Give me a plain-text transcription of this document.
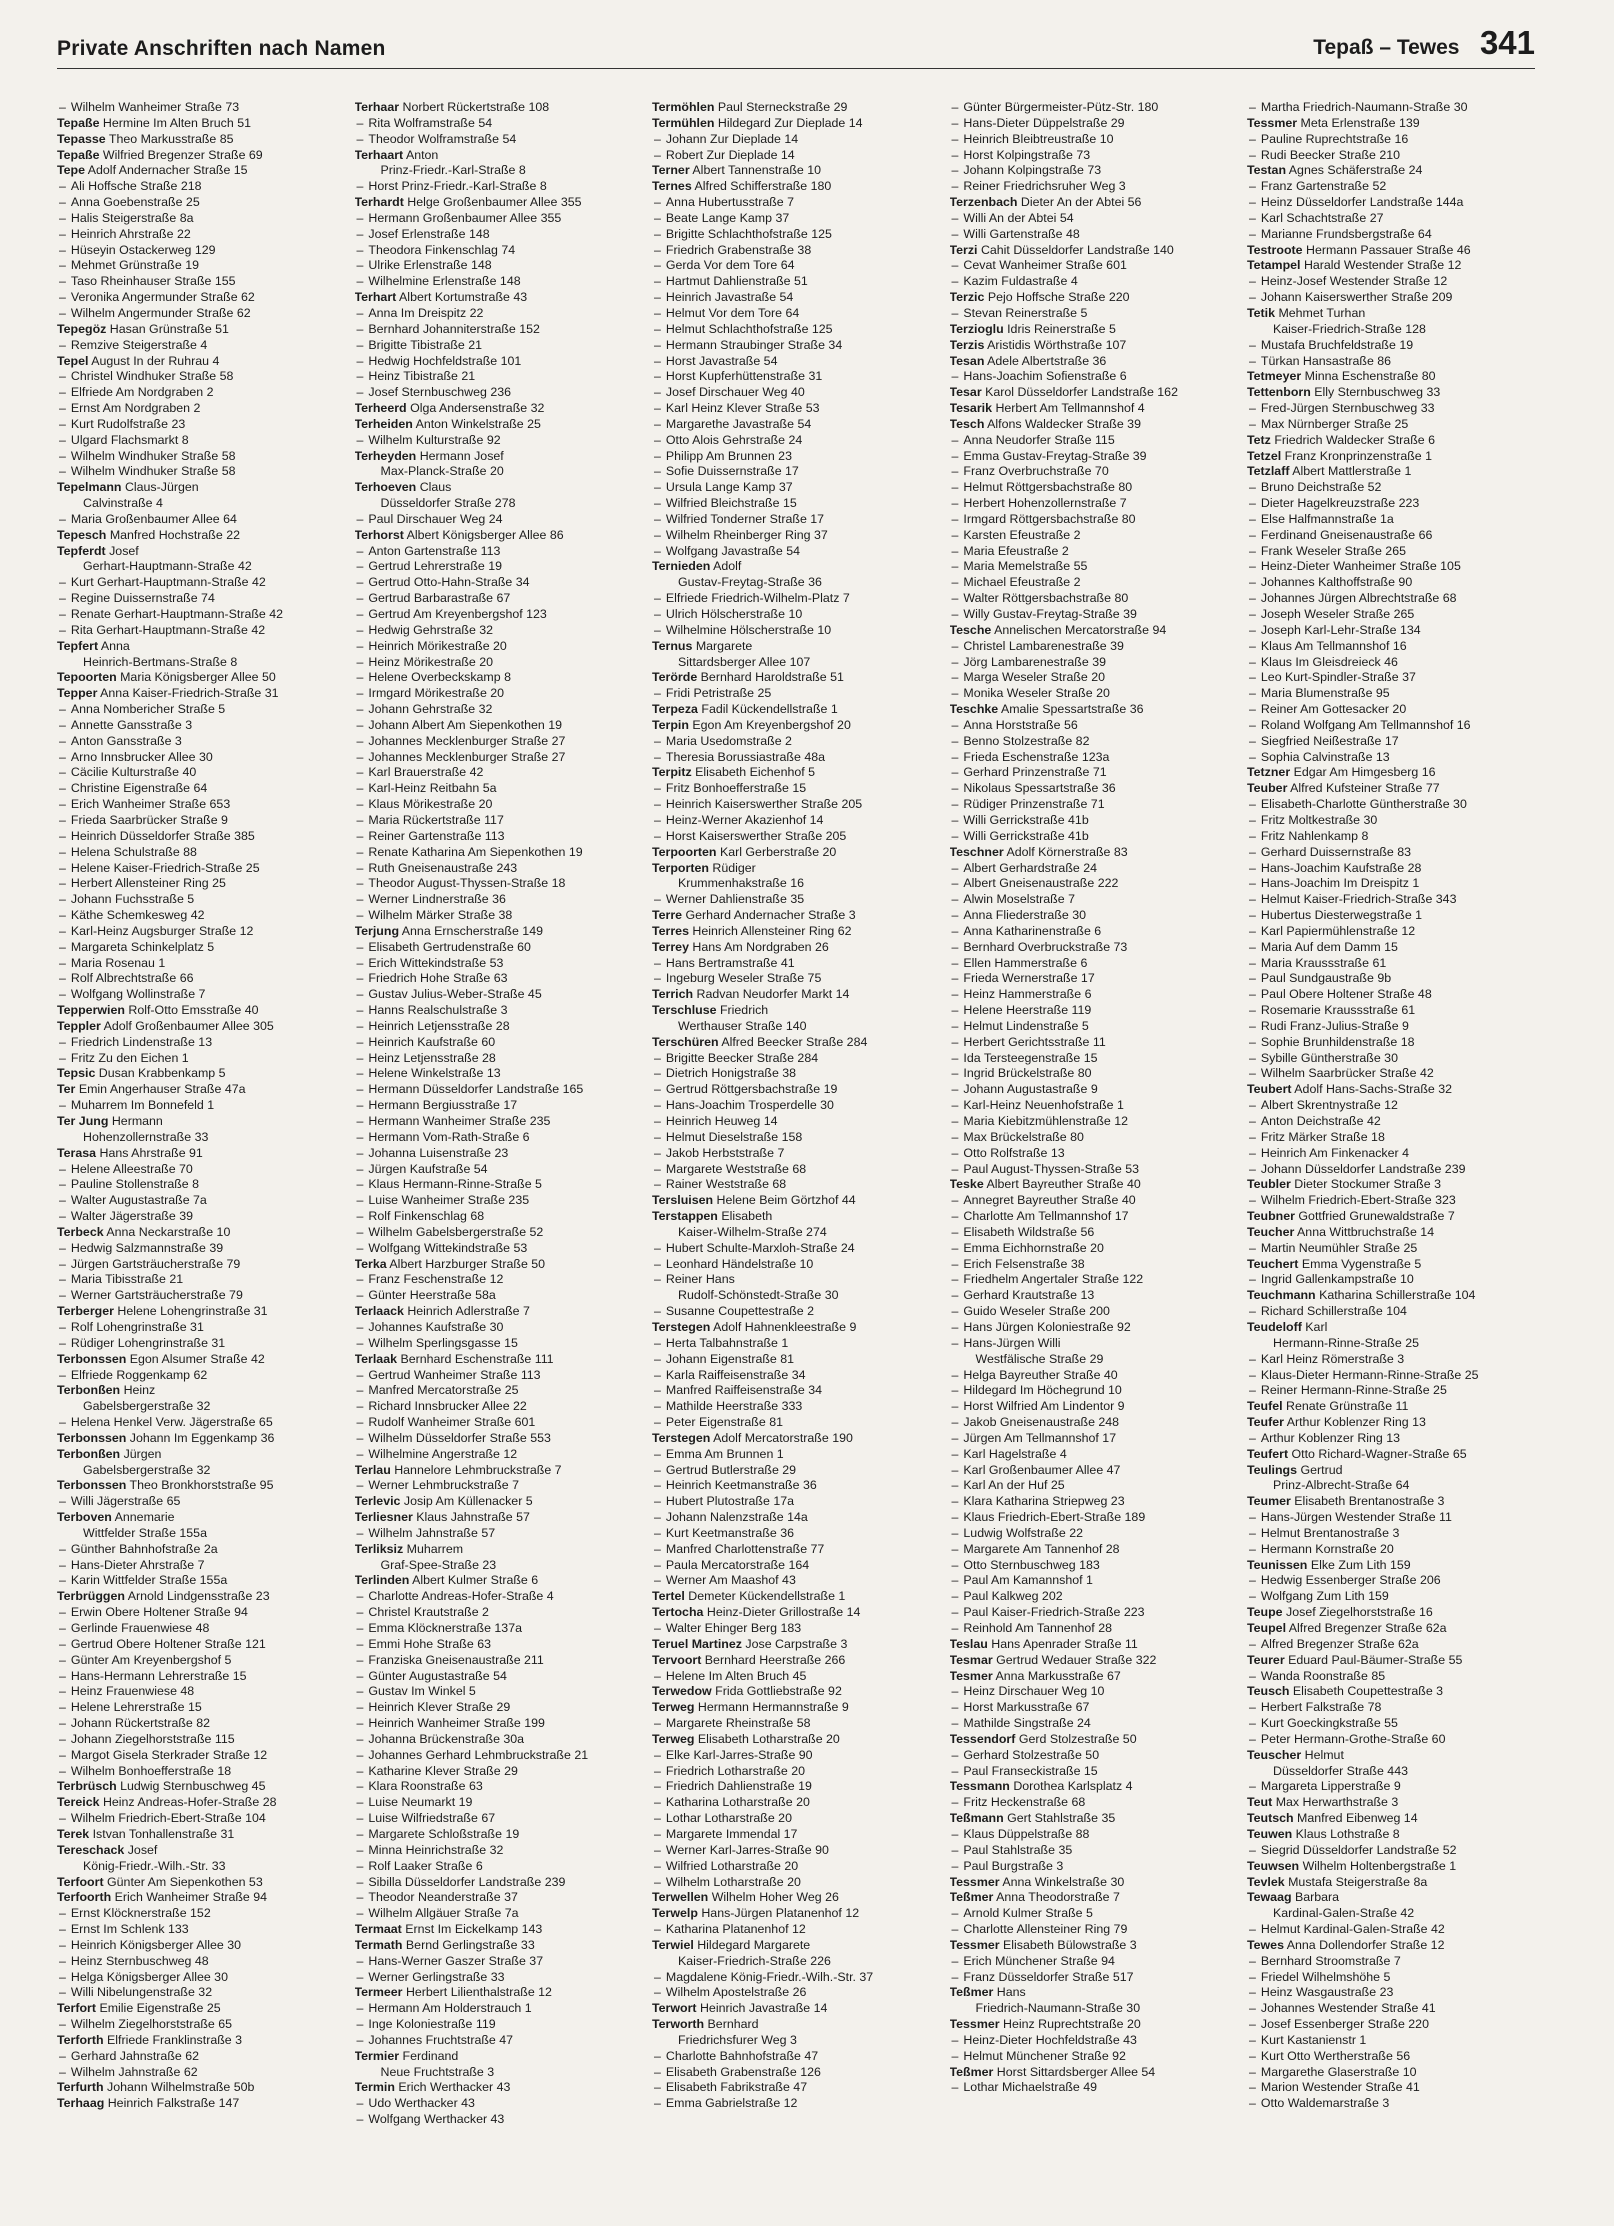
Private Anschriften nach Namen	Tepaß – Tewes 341
– Wilhelm Wanheimer Straße 73
Tepaße Hermine Im Alten Bruch 51
Tepasse Theo Markusstraße 85
Tepaße Wilfried Bregenzer Straße 69
Tepe Adolf Andernacher Straße 15
– Ali Hoffsche Straße 218
– Anna Goebenstraße 25
– Halis Steigerstraße 8a
– Heinrich Ahrstraße 22
– Hüseyin Ostackerweg 129
– Mehmet Grünstraße 19
– Taso Rheinhauser Straße 155
– Veronika Angermunder Straße 62
– Wilhelm Angermunder Straße 62
Tepegöz Hasan Grünstraße 51
– Remzive Steigerstraße 4
Tepel August In der Ruhrau 4
– Christel Windhuker Straße 58
– Elfriede Am Nordgraben 2
– Ernst Am Nordgraben 2
– Kurt Rudolfstraße 23
– Ulgard Flachsmarkt 8
– Wilhelm Windhuker Straße 58
– Wilhelm Windhuker Straße 58
Tepelmann Claus-Jürgen
Calvinstraße 4
– Maria Großenbaumer Allee 64
Tepesch Manfred Hochstraße 22
Tepferdt Josef
Gerhart-Hauptmann-Straße 42
– Kurt Gerhart-Hauptmann-Straße 42
– Regine Duissernstraße 74
– Renate Gerhart-Hauptmann-Straße 42
– Rita Gerhart-Hauptmann-Straße 42
Tepfert Anna
Heinrich-Bertmans-Straße 8
Tepoorten Maria Königsberger Allee 50
Tepper Anna Kaiser-Friedrich-Straße 31
– Anna Nombericher Straße 5
– Annette Gansstraße 3
– Anton Gansstraße 3
– Arno Innsbrucker Allee 30
– Cäcilie Kulturstraße 40
– Christine Eigenstraße 64
– Erich Wanheimer Straße 653
– Frieda Saarbrücker Straße 9
– Heinrich Düsseldorfer Straße 385
– Helena Schulstraße 88
– Helene Kaiser-Friedrich-Straße 25
– Herbert Allensteiner Ring 25
– Johann Fuchsstraße 5
– Käthe Schemkesweg 42
– Karl-Heinz Augsburger Straße 12
– Margareta Schinkelplatz 5
– Maria Rosenau 1
– Rolf Albrechtstraße 66
– Wolfgang Wollinstraße 7
Tepperwien Rolf-Otto Emsstraße 40
Teppler Adolf Großenbaumer Allee 305
– Friedrich Lindenstraße 13
– Fritz Zu den Eichen 1
Tepsic Dusan Krabbenkamp 5
Ter Emin Angerhauser Straße 47a
– Muharrem Im Bonnefeld 1
Ter Jung Hermann
Hohenzollernstraße 33
Terasa Hans Ahrstraße 91
– Helene Alleestraße 70
– Pauline Stollenstraße 8
– Walter Augustastraße 7a
– Walter Jägerstraße 39
Terbeck Anna Neckarstraße 10
– Hedwig Salzmannstraße 39
– Jürgen Gartsträucherstraße 79
– Maria Tibisstraße 21
– Werner Gartsträucherstraße 79
Terberger Helene Lohengrinstraße 31
– Rolf Lohengrinstraße 31
– Rüdiger Lohengrinstraße 31
Terbonssen Egon Alsumer Straße 42
– Elfriede Roggenkamp 62
Terbonßen Heinz
Gabelsbergerstraße 32
– Helena Henkel Verw. Jägerstraße 65
Terbonssen Johann Im Eggenkamp 36
Terbonßen Jürgen
Gabelsbergerstraße 32
Terbonssen Theo Bronkhorststraße 95
– Willi Jägerstraße 65
Terboven Annemarie
Wittfelder Straße 155a
– Günther Bahnhofstraße 2a
– Hans-Dieter Ahrstraße 7
– Karin Wittfelder Straße 155a
Terbrüggen Arnold Lindgensstraße 23
– Erwin Obere Holtener Straße 94
– Gerlinde Frauenwiese 48
– Gertrud Obere Holtener Straße 121
– Günter Am Kreyenbergshof 5
– Hans-Hermann Lehrerstraße 15
– Heinz Frauenwiese 48
– Helene Lehrerstraße 15
– Johann Rückertstraße 82
– Johann Ziegelhorststraße 115
– Margot Gisela Sterkrader Straße 12
– Wilhelm Bonhoefferstraße 18
Terbrüsch Ludwig Sternbuschweg 45
Tereick Heinz Andreas-Hofer-Straße 28
– Wilhelm Friedrich-Ebert-Straße 104
Terek Istvan Tonhallenstraße 31
Tereschack Josef
König-Friedr.-Wilh.-Str. 33
Terfoort Günter Am Siepenkothen 53
Terfoorth Erich Wanheimer Straße 94
– Ernst Klöcknerstraße 152
– Ernst Im Schlenk 133
– Heinrich Königsberger Allee 30
– Heinz Sternbuschweg 48
– Helga Königsberger Allee 30
– Willi Nibelungenstraße 32
Terfort Emilie Eigenstraße 25
– Wilhelm Ziegelhorststraße 65
Terforth Elfriede Franklinstraße 3
– Gerhard Jahnstraße 62
– Wilhelm Jahnstraße 62
Terfurth Johann Wilhelmstraße 50b
Terhaag Heinrich Falkstraße 147
Terhaar Norbert Rückertstraße 108
– Rita Wolframstraße 54
– Theodor Wolframstraße 54
Terhaart Anton
Prinz-Friedr.-Karl-Straße 8
– Horst Prinz-Friedr.-Karl-Straße 8
Terhardt Helge Großenbaumer Allee 355
– Hermann Großenbaumer Allee 355
– Josef Erlenstraße 148
– Theodora Finkenschlag 74
– Ulrike Erlenstraße 148
– Wilhelmine Erlenstraße 148
Terhart Albert Kortumstraße 43
– Anna Im Dreispitz 22
– Bernhard Johanniterstraße 152
– Brigitte Tibistraße 21
– Hedwig Hochfeldstraße 101
– Heinz Tibistraße 21
– Josef Sternbuschweg 236
Terheerd Olga Andersenstraße 32
Terheiden Anton Winkelstraße 25
– Wilhelm Kulturstraße 92
Terheyden Hermann Josef
Max-Planck-Straße 20
Terhoeven Claus
Düsseldorfer Straße 278
– Paul Dirschauer Weg 24
Terhorst Albert Königsberger Allee 86
– Anton Gartenstraße 113
– Gertrud Lehrerstraße 19
– Gertrud Otto-Hahn-Straße 34
– Gertrud Barbarastraße 67
– Gertrud Am Kreyenbergshof 123
– Hedwig Gehrstraße 32
– Heinrich Mörikestraße 20
– Heinz Mörikestraße 20
– Helene Overbeckskamp 8
– Irmgard Mörikestraße 20
– Johann Gehrstraße 32
– Johann Albert Am Siepenkothen 19
– Johannes Mecklenburger Straße 27
– Johannes Mecklenburger Straße 27
– Karl Brauerstraße 42
– Karl-Heinz Reitbahn 5a
– Klaus Mörikestraße 20
– Maria Rückertstraße 117
– Reiner Gartenstraße 113
– Renate Katharina Am Siepenkothen 19
– Ruth Gneisenaustraße 243
– Theodor August-Thyssen-Straße 18
– Werner Lindnerstraße 36
– Wilhelm Märker Straße 38
Terjung Anna Ernscherstraße 149
– Elisabeth Gertrudenstraße 60
– Erich Wittekindstraße 53
– Friedrich Hohe Straße 63
– Gustav Julius-Weber-Straße 45
– Hanns Realschulstraße 3
– Heinrich Letjensstraße 28
– Heinrich Kaufstraße 60
– Heinz Letjensstraße 28
– Helene Winkelstraße 13
– Hermann Düsseldorfer Landstraße 165
– Hermann Bergiusstraße 17
– Hermann Wanheimer Straße 235
– Hermann Vom-Rath-Straße 6
– Johanna Luisenstraße 23
– Jürgen Kaufstraße 54
– Klaus Hermann-Rinne-Straße 5
– Luise Wanheimer Straße 235
– Rolf Finkenschlag 68
– Wilhelm Gabelsbergerstraße 52
– Wolfgang Wittekindstraße 53
Terka Albert Harzburger Straße 50
– Franz Feschenstraße 12
– Günter Heerstraße 58a
Terlaack Heinrich Adlerstraße 7
– Johannes Kaufstraße 30
– Wilhelm Sperlingsgasse 15
Terlaak Bernhard Eschenstraße 111
– Gertrud Wanheimer Straße 113
– Manfred Mercatorstraße 25
– Richard Innsbrucker Allee 22
– Rudolf Wanheimer Straße 601
– Wilhelm Düsseldorfer Straße 553
– Wilhelmine Angerstraße 12
Terlau Hannelore Lehmbruckstraße 7
– Werner Lehmbruckstraße 7
Terlevic Josip Am Küllenacker 5
Terliesner Klaus Jahnstraße 57
– Wilhelm Jahnstraße 57
Terliksiz Muharrem
Graf-Spee-Straße 23
Terlinden Albert Kulmer Straße 6
– Charlotte Andreas-Hofer-Straße 4
– Christel Krautstraße 2
– Emma Klöcknerstraße 137a
– Emmi Hohe Straße 63
– Franziska Gneisenaustraße 211
– Günter Augustastraße 54
– Gustav Im Winkel 5
– Heinrich Klever Straße 29
– Heinrich Wanheimer Straße 199
– Johanna Brückenstraße 30a
– Johannes Gerhard Lehmbruckstraße 21
– Katharine Klever Straße 29
– Klara Roonstraße 63
– Luise Neumarkt 19
– Luise Wilfriedstraße 67
– Margarete Schloßstraße 19
– Minna Heinrichstraße 32
– Rolf Laaker Straße 6
– Sibilla Düsseldorfer Landstraße 239
– Theodor Neanderstraße 37
– Wilhelm Allgäuer Straße 7a
Termaat Ernst Im Eickelkamp 143
Termath Bernd Gerlingstraße 33
– Hans-Werner Gaszer Straße 37
– Werner Gerlingstraße 33
Termeer Herbert Lilienthalstraße 12
– Hermann Am Holderstrauch 1
– Inge Koloniestraße 119
– Johannes Fruchtstraße 47
Termier Ferdinand
Neue Fruchtstraße 3
Termin Erich Werthacker 43
– Udo Werthacker 43
– Wolfgang Werthacker 43
Termöhlen Paul Sterneckstraße 29
Termühlen Hildegard Zur Dieplade 14
– Johann Zur Dieplade 14
– Robert Zur Dieplade 14
Terner Albert Tannenstraße 10
Ternes Alfred Schifferstraße 180
– Anna Hubertusstraße 7
– Beate Lange Kamp 37
– Brigitte Schlachthofstraße 125
– Friedrich Grabenstraße 38
– Gerda Vor dem Tore 64
– Hartmut Dahlienstraße 51
– Heinrich Javastraße 54
– Helmut Vor dem Tore 64
– Helmut Schlachthofstraße 125
– Hermann Straubinger Straße 34
– Horst Javastraße 54
– Horst Kupferhüttenstraße 31
– Josef Dirschauer Weg 40
– Karl Heinz Klever Straße 53
– Margarethe Javastraße 54
– Otto Alois Gehrstraße 24
– Philipp Am Brunnen 23
– Sofie Duissernstraße 17
– Ursula Lange Kamp 37
– Wilfried Bleichstraße 15
– Wilfried Tonderner Straße 17
– Wilhelm Rheinberger Ring 37
– Wolfgang Javastraße 54
Ternieden Adolf
Gustav-Freytag-Straße 36
– Elfriede Friedrich-Wilhelm-Platz 7
– Ulrich Hölscherstraße 10
– Wilhelmine Hölscherstraße 10
Ternus Margarete
Sittardsberger Allee 107
Terörde Bernhard Haroldstraße 51
– Fridi Petristraße 25
Terpeza Fadil Kückendellstraße 1
Terpin Egon Am Kreyenbergshof 20
– Maria Usedomstraße 2
– Theresia Borussiastraße 48a
Terpitz Elisabeth Eichenhof 5
– Fritz Bonhoefferstraße 15
– Heinrich Kaiserswerther Straße 205
– Heinz-Werner Akazienhof 14
– Horst Kaiserswerther Straße 205
Terpoorten Karl Gerberstraße 20
Terporten Rüdiger
Krummenhakstraße 16
– Werner Dahlienstraße 35
Terre Gerhard Andernacher Straße 3
Terres Heinrich Allensteiner Ring 62
Terrey Hans Am Nordgraben 26
– Hans Bertramstraße 41
– Ingeburg Weseler Straße 75
Terrich Radvan Neudorfer Markt 14
Terschluse Friedrich
Werthauser Straße 140
Terschüren Alfred Beecker Straße 284
– Brigitte Beecker Straße 284
– Dietrich Honigstraße 38
– Gertrud Röttgersbachstraße 19
– Hans-Joachim Trosperdelle 30
– Heinrich Heuweg 14
– Helmut Dieselstraße 158
– Jakob Herbststraße 7
– Margarete Weststraße 68
– Rainer Weststraße 68
Tersluisen Helene Beim Görtzhof 44
Terstappen Elisabeth
Kaiser-Wilhelm-Straße 274
– Hubert Schulte-Marxloh-Straße 24
– Leonhard Händelstraße 10
– Reiner Hans
Rudolf-Schönstedt-Straße 30
– Susanne Coupettestraße 2
Terstegen Adolf Hahnenkleestraße 9
– Herta Talbahnstraße 1
– Johann Eigenstraße 81
– Karla Raiffeisenstraße 34
– Manfred Raiffeisenstraße 34
– Mathilde Heerstraße 333
– Peter Eigenstraße 81
Terstegen Adolf Mercatorstraße 190
– Emma Am Brunnen 1
– Gertrud Butlerstraße 29
– Heinrich Keetmanstraße 36
– Hubert Plutostraße 17a
– Johann Nalenzstraße 14a
– Kurt Keetmanstraße 36
– Manfred Charlottenstraße 77
– Paula Mercatorstraße 164
– Werner Am Maashof 43
Tertel Demeter Kückendellstraße 1
Tertocha Heinz-Dieter Grillostraße 14
– Walter Ehinger Berg 183
Teruel Martinez Jose Carpstraße 3
Tervoort Bernhard Heerstraße 266
– Helene Im Alten Bruch 45
Terwedow Frida Gottliebstraße 92
Terweg Hermann Hermannstraße 9
– Margarete Rheinstraße 58
Terweg Elisabeth Lotharstraße 20
– Elke Karl-Jarres-Straße 90
– Friedrich Lotharstraße 20
– Friedrich Dahlienstraße 19
– Katharina Lotharstraße 20
– Lothar Lotharstraße 20
– Margarete Immendal 17
– Werner Karl-Jarres-Straße 90
– Wilfried Lotharstraße 20
– Wilhelm Lotharstraße 20
Terwellen Wilhelm Hoher Weg 26
Terwelp Hans-Jürgen Platanenhof 12
– Katharina Platanenhof 12
Terwiel Hildegard Margarete
Kaiser-Friedrich-Straße 226
– Magdalene König-Friedr.-Wilh.-Str. 37
– Wilhelm Apostelstraße 26
Terwort Heinrich Javastraße 14
Terworth Bernhard
Friedrichsfurer Weg 3
– Charlotte Bahnhofstraße 47
– Elisabeth Grabenstraße 126
– Elisabeth Fabrikstraße 47
– Emma Gabrielstraße 12
– Günter Bürgermeister-Pütz-Str. 180
– Hans-Dieter Düppelstraße 29
– Heinrich Bleibtreustraße 10
– Horst Kolpingstraße 73
– Johann Kolpingstraße 73
– Reiner Friedrichsruher Weg 3
Terzenbach Dieter An der Abtei 56
– Willi An der Abtei 54
– Willi Gartenstraße 48
Terzi Cahit Düsseldorfer Landstraße 140
– Cevat Wanheimer Straße 601
– Kazim Fuldastraße 4
Terzic Pejo Hoffsche Straße 220
– Stevan Reinerstraße 5
Terzioglu Idris Reinerstraße 5
Terzis Aristidis Wörthstraße 107
Tesan Adele Albertstraße 36
– Hans-Joachim Sofienstraße 6
Tesar Karol Düsseldorfer Landstraße 162
Tesarik Herbert Am Tellmannshof 4
Tesch Alfons Waldecker Straße 39
– Anna Neudorfer Straße 115
– Emma Gustav-Freytag-Straße 39
– Franz Overbruchstraße 70
– Helmut Röttgersbachstraße 80
– Herbert Hohenzollernstraße 7
– Irmgard Röttgersbachstraße 80
– Karsten Efeustraße 2
– Maria Efeustraße 2
– Maria Memelstraße 55
– Michael Efeustraße 2
– Walter Röttgersbachstraße 80
– Willy Gustav-Freytag-Straße 39
Tesche Annelischen Mercatorstraße 94
– Christel Lambarenestraße 39
– Jörg Lambarenestraße 39
– Marga Weseler Straße 20
– Monika Weseler Straße 20
Teschke Amalie Spessartstraße 36
– Anna Horststraße 56
– Benno Stolzestraße 82
– Frieda Eschenstraße 123a
– Gerhard Prinzenstraße 71
– Nikolaus Spessartstraße 36
– Rüdiger Prinzenstraße 71
– Willi Gerrickstraße 41b
– Willi Gerrickstraße 41b
Teschner Adolf Körnerstraße 83
– Albert Gerhardstraße 24
– Albert Gneisenaustraße 222
– Alwin Moselstraße 7
– Anna Fliederstraße 30
– Anna Katharinenstraße 6
– Bernhard Overbruckstraße 73
– Ellen Hammerstraße 6
– Frieda Wernerstraße 17
– Heinz Hammerstraße 6
– Helene Heerstraße 119
– Helmut Lindenstraße 5
– Herbert Gerichtsstraße 11
– Ida Tersteegenstraße 15
– Ingrid Brückelstraße 80
– Johann Augustastraße 9
– Karl-Heinz Neuenhofstraße 1
– Maria Kiebitzmühlenstraße 12
– Max Brückelstraße 80
– Otto Rolfstraße 13
– Paul August-Thyssen-Straße 53
Teske Albert Bayreuther Straße 40
– Annegret Bayreuther Straße 40
– Charlotte Am Tellmannshof 17
– Elisabeth Wildstraße 56
– Emma Eichhornstraße 20
– Erich Felsenstraße 38
– Friedhelm Angertaler Straße 122
– Gerhard Krautstraße 13
– Guido Weseler Straße 200
– Hans Jürgen Koloniestraße 92
– Hans-Jürgen Willi
Westfälische Straße 29
– Helga Bayreuther Straße 40
– Hildegard Im Höchegrund 10
– Horst Wilfried Am Lindentor 9
– Jakob Gneisenaustraße 248
– Jürgen Am Tellmannshof 17
– Karl Hagelstraße 4
– Karl Großenbaumer Allee 47
– Karl An der Huf 25
– Klara Katharina Striepweg 23
– Klaus Friedrich-Ebert-Straße 189
– Ludwig Wolfstraße 22
– Margarete Am Tannenhof 28
– Otto Sternbuschweg 183
– Paul Am Kamannshof 1
– Paul Kalkweg 202
– Paul Kaiser-Friedrich-Straße 223
– Reinhold Am Tannenhof 28
Teslau Hans Apenrader Straße 11
Tesmar Gertrud Wedauer Straße 322
Tesmer Anna Markusstraße 67
– Heinz Dirschauer Weg 10
– Horst Markusstraße 67
– Mathilde Singstraße 24
Tessendorf Gerd Stolzestraße 50
– Gerhard Stolzestraße 50
– Paul Franseckistraße 15
Tessmann Dorothea Karlsplatz 4
– Fritz Heckenstraße 68
Teßmann Gert Stahlstraße 35
– Klaus Düppelstraße 88
– Paul Stahlstraße 35
– Paul Burgstraße 3
Tessmer Anna Winkelstraße 30
Teßmer Anna Theodorstraße 7
– Arnold Kulmer Straße 5
– Charlotte Allensteiner Ring 79
Tessmer Elisabeth Bülowstraße 3
– Erich Münchener Straße 94
– Franz Düsseldorfer Straße 517
Teßmer Hans
Friedrich-Naumann-Straße 30
Tessmer Heinz Ruprechtstraße 20
– Heinz-Dieter Hochfeldstraße 43
– Helmut Münchener Straße 92
Teßmer Horst Sittardsberger Allee 54
– Lothar Michaelstraße 49
– Martha Friedrich-Naumann-Straße 30
Tessmer Meta Erlenstraße 139
– Pauline Ruprechtstraße 16
– Rudi Beecker Straße 210
Testan Agnes Schäferstraße 24
– Franz Gartenstraße 52
– Heinz Düsseldorfer Landstraße 144a
– Karl Schachtstraße 27
– Marianne Frundsbergstraße 64
Testroote Hermann Passauer Straße 46
Tetampel Harald Westender Straße 12
– Heinz-Josef Westender Straße 12
– Johann Kaiserswerther Straße 209
Tetik Mehmet Turhan
Kaiser-Friedrich-Straße 128
– Mustafa Bruchfeldstraße 19
– Türkan Hansastraße 86
Tetmeyer Minna Eschenstraße 80
Tettenborn Elly Sternbuschweg 33
– Fred-Jürgen Sternbuschweg 33
– Max Nürnberger Straße 25
Tetz Friedrich Waldecker Straße 6
Tetzel Franz Kronprinzenstraße 1
Tetzlaff Albert Mattlerstraße 1
– Bruno Deichstraße 52
– Dieter Hagelkreuzstraße 223
– Else Halfmannstraße 1a
– Ferdinand Gneisenaustraße 66
– Frank Weseler Straße 265
– Heinz-Dieter Wanheimer Straße 105
– Johannes Kalthoffstraße 90
– Johannes Jürgen Albrechtstraße 68
– Joseph Weseler Straße 265
– Joseph Karl-Lehr-Straße 134
– Klaus Am Tellmannshof 16
– Klaus Im Gleisdreieck 46
– Leo Kurt-Spindler-Straße 37
– Maria Blumenstraße 95
– Reiner Am Gottesacker 20
– Roland Wolfgang Am Tellmannshof 16
– Siegfried Neißestraße 17
– Sophia Calvinstraße 13
Tetzner Edgar Am Himgesberg 16
Teuber Alfred Kufsteiner Straße 77
– Elisabeth-Charlotte Güntherstraße 30
– Fritz Moltkestraße 30
– Fritz Nahlenkamp 8
– Gerhard Duissernstraße 83
– Hans-Joachim Kaufstraße 28
– Hans-Joachim Im Dreispitz 1
– Helmut Kaiser-Friedrich-Straße 343
– Hubertus Diesterwegstraße 1
– Karl Papiermühlenstraße 12
– Maria Auf dem Damm 15
– Maria Kraussstraße 61
– Paul Sundgaustraße 9b
– Paul Obere Holtener Straße 48
– Rosemarie Kraussstraße 61
– Rudi Franz-Julius-Straße 9
– Sophie Brunhildenstraße 18
– Sybille Güntherstraße 30
– Wilhelm Saarbrücker Straße 42
Teubert Adolf Hans-Sachs-Straße 32
– Albert Skrentnystraße 12
– Anton Deichstraße 42
– Fritz Märker Straße 18
– Heinrich Am Finkenacker 4
– Johann Düsseldorfer Landstraße 239
Teubler Dieter Stockumer Straße 3
– Wilhelm Friedrich-Ebert-Straße 323
Teubner Gottfried Grunewaldstraße 7
Teucher Anna Wittbruchstraße 14
– Martin Neumühler Straße 25
Teuchert Emma Vygenstraße 5
– Ingrid Gallenkampstraße 10
Teuchmann Katharina Schillerstraße 104
– Richard Schillerstraße 104
Teudeloff Karl
Hermann-Rinne-Straße 25
– Karl Heinz Römerstraße 3
– Klaus-Dieter Hermann-Rinne-Straße 25
– Reiner Hermann-Rinne-Straße 25
Teufel Renate Grünstraße 11
Teufer Arthur Koblenzer Ring 13
– Arthur Koblenzer Ring 13
Teufert Otto Richard-Wagner-Straße 65
Teulings Gertrud
Prinz-Albrecht-Straße 64
Teumer Elisabeth Brentanostraße 3
– Hans-Jürgen Westender Straße 11
– Helmut Brentanostraße 3
– Hermann Kornstraße 20
Teunissen Elke Zum Lith 159
– Hedwig Essenberger Straße 206
– Wolfgang Zum Lith 159
Teupe Josef Ziegelhorststraße 16
Teupel Alfred Bregenzer Straße 62a
– Alfred Bregenzer Straße 62a
Teurer Eduard Paul-Bäumer-Straße 55
– Wanda Roonstraße 85
Teusch Elisabeth Coupettestraße 3
– Herbert Falkstraße 78
– Kurt Goeckingkstraße 55
– Peter Hermann-Grothe-Straße 60
Teuscher Helmut
Düsseldorfer Straße 443
– Margareta Lipperstraße 9
Teut Max Herwarthstraße 3
Teutsch Manfred Eibenweg 14
Teuwen Klaus Lothstraße 8
– Siegrid Düsseldorfer Landstraße 52
Teuwsen Wilhelm Holtenbergstraße 1
Tevlek Mustafa Steigerstraße 8a
Tewaag Barbara
Kardinal-Galen-Straße 42
– Helmut Kardinal-Galen-Straße 42
Tewes Anna Dollendorfer Straße 12
– Bernhard Stroomstraße 7
– Friedel Wilhelmshöhe 5
– Heinz Wasgaustraße 23
– Johannes Westender Straße 41
– Josef Essenberger Straße 220
– Kurt Kastanienstr 1
– Kurt Otto Wertherstraße 56
– Margarethe Glaserstraße 10
– Marion Westender Straße 41
– Otto Waldemarstraße 3
